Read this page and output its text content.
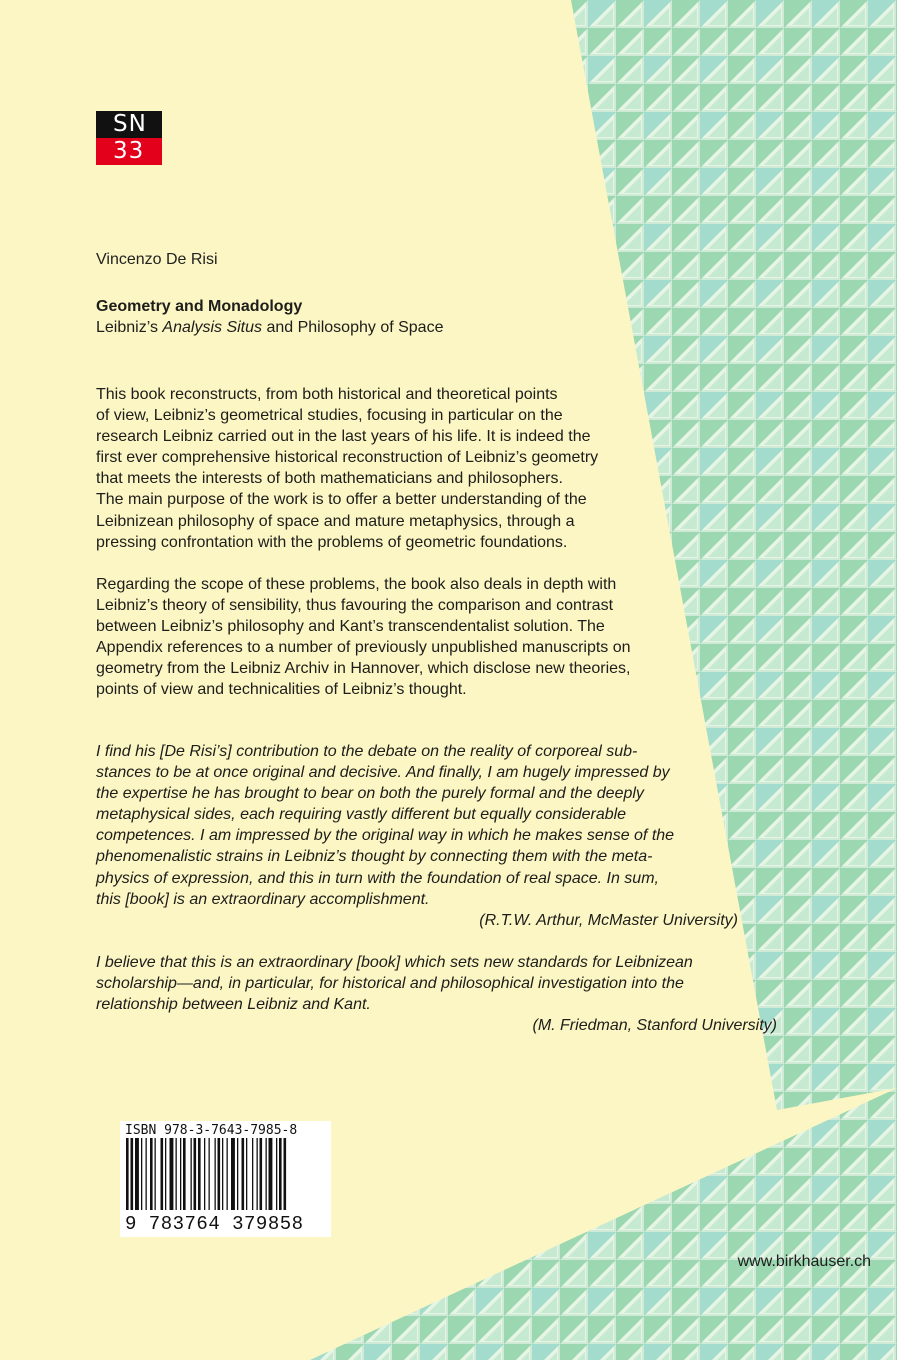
SN
33
Vincenzo De Risi
Geometry and Monadology
Leibniz’s Analysis Situs and Philosophy of Space

This book reconstructs, from both historical and theoretical points
of view, Leibniz’s geometrical studies, focusing in particular on the
research Leibniz carried out in the last years of his life. It is indeed the
first ever comprehensive historical reconstruction of Leibniz’s geometry
that meets the interests of both mathematicians and philosophers.
The main purpose of the work is to offer a better understanding of the
Leibnizean philosophy of space and mature metaphysics, through a
pressing confrontation with the problems of geometric foundations.

Regarding the scope of these problems, the book also deals in depth with
Leibniz’s theory of sensibility, thus favouring the comparison and contrast
between Leibniz’s philosophy and Kant’s transcendentalist solution. The
Appendix references to a number of previously unpublished manuscripts on
geometry from the Leibniz Archiv in Hannover, which disclose new theories,
points of view and technicalities of Leibniz’s thought.

I find his [De Risi’s] contribution to the debate on the reality of corporeal sub-
stances to be at once original and decisive. And finally, I am hugely impressed by
the expertise he has brought to bear on both the purely formal and the deeply
metaphysical sides, each requiring vastly different but equally considerable
competences. I am impressed by the original way in which he makes sense of the
phenomenalistic strains in Leibniz’s thought by connecting them with the meta-
physics of expression, and this in turn with the foundation of real space. In sum,
this [book] is an extraordinary accomplishment.
(R.T.W. Arthur, McMaster University)
I believe that this is an extraordinary [book] which sets new standards for Leibnizean
scholarship—and, in particular, for historical and philosophical investigation into the
relationship between Leibniz and Kant.
(M. Friedman, Stanford University)
ISBN 978-3-7643-7985-8
9 783764 379858
www.birkhauser.ch
